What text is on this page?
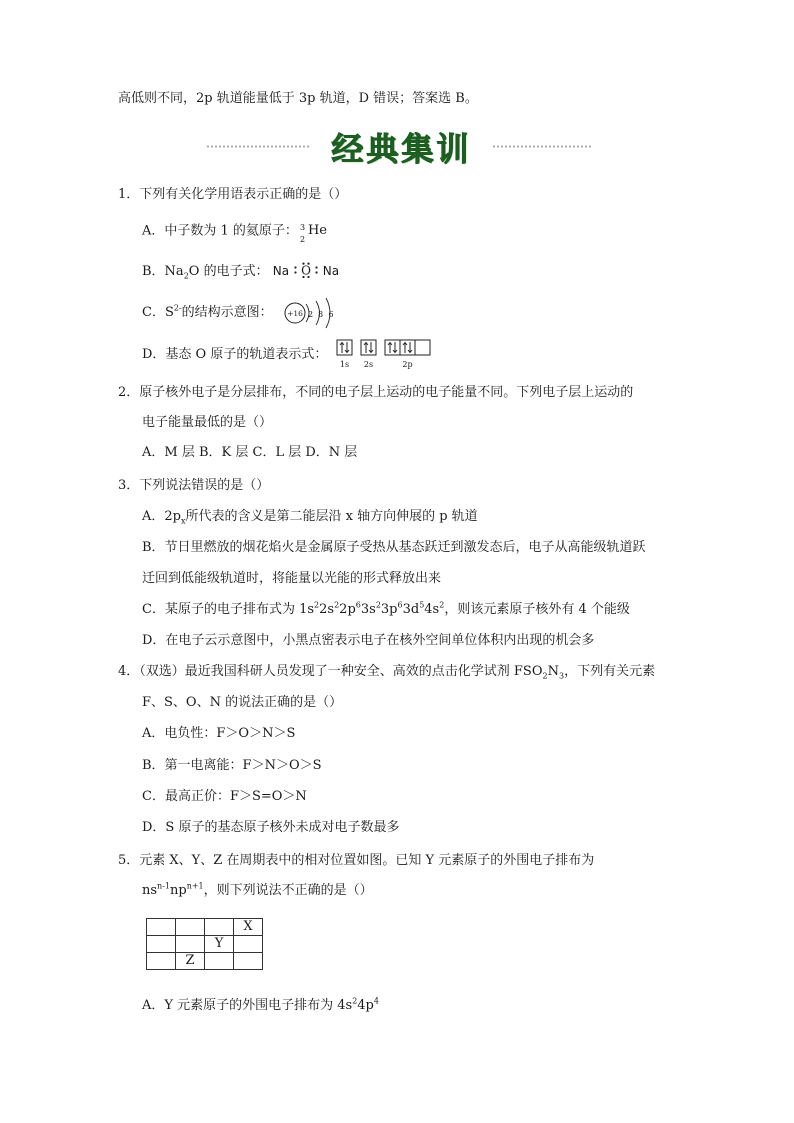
高低则不同，2p 轨道能量低于 3p 轨道，D 错误；答案选 B。
经典集训
1．下列有关化学用语表示正确的是（）
A．中子数为 1 的氦原子： 3
2
He
B．$Na_2O$ 的电子式： Na O Na
C．$S^{2-}$的结构示意图： +16 2 8 6
D．基态 O 原子的轨道表示式：
1s 2s	2p
2．原子核外电子是分层排布，不同的电子层上运动的电子能量不同。下列电子层上运动的
电子能量最低的是（）
A．M 层 B．K 层 C．L 层 D．N 层
3．下列说法错误的是（）
A．$2p_x$所代表的含义是第二能层沿 x 轴方向伸展的 p 轨道
B．节日里燃放的烟花焰火是金属原子受热从基态跃迁到激发态后，电子从高能级轨道跃
迁回到低能级轨道时，将能量以光能的形式释放出来
C．某原子的电子排布式为 $1s^22s^22p^63s^23p^63d^54s^2$，则该元素原子核外有 4 个能级
D．在电子云示意图中，小黑点密表示电子在核外空间单位体积内出现的机会多
4．（双选）最近我国科研人员发现了一种安全、高效的点击化学试剂 $FSO_2N_3$，下列有关元素
F、S、O、N 的说法正确的是（）
A．电负性：F＞O＞N＞S
B．第一电离能：F＞N＞O＞S
C．最高正价：F＞S=O＞N
D．S 原子的基态原子核外未成对电子数最多
5．元素 X、Y、Z 在周期表中的相对位置如图。已知 Y 元素原子的外围电子排布为
$ns^{n-1}np^{n+1}$，则下列说法不正确的是（）
			X
		Y	
	Z		
A．Y 元素原子的外围电子排布为 $4s^24p^4$
